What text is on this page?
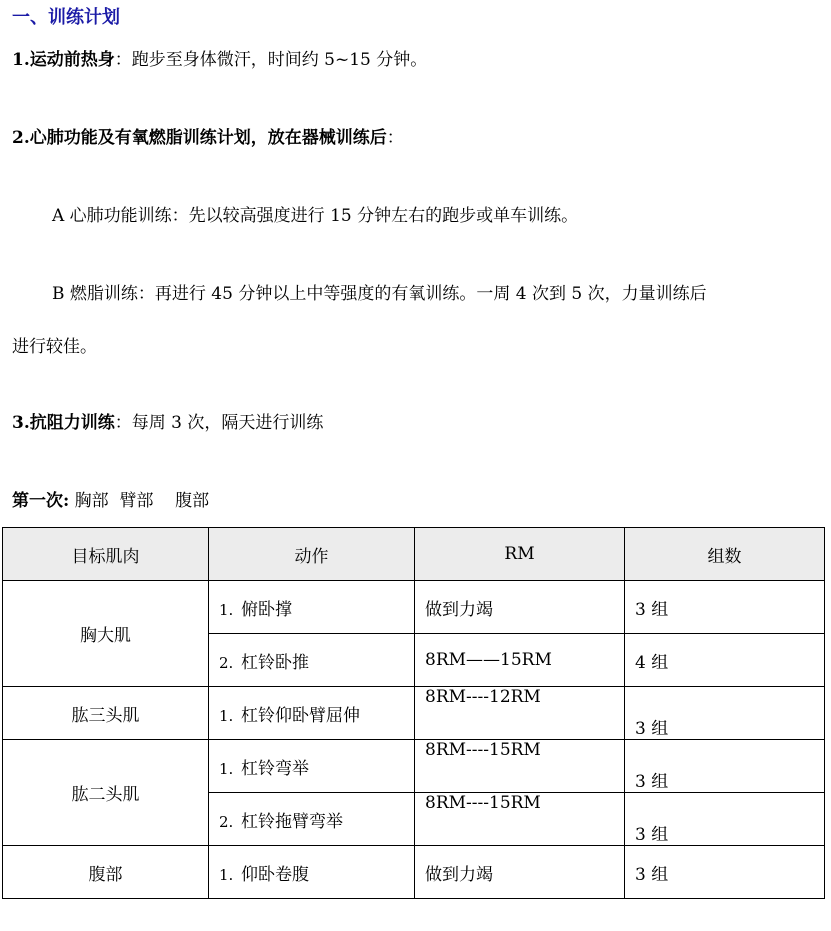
一、训练计划
1.运动前热身：跑步至身体微汗，时间约 5~15 分钟。
2.心肺功能及有氧燃脂训练计划，放在器械训练后：
A 心肺功能训练：先以较高强度进行 15 分钟左右的跑步或单车训练。
B 燃脂训练：再进行 45 分钟以上中等强度的有氧训练。一周 4 次到 5 次，力量训练后
进行较佳。
3.抗阻力训练：每周 3 次，隔天进行训练
第一次: 胸部  臂部    腹部
目标肌肉	动作	RM	组数
胸大肌	1. 俯卧撑	做到力竭	3 组
	2. 杠铃卧推	8RM——15RM	4 组
肱三头肌	1. 杠铃仰卧臂屈伸	8RM----12RM	3 组
肱二头肌	1. 杠铃弯举	8RM----15RM	3 组
	2. 杠铃拖臂弯举	8RM----15RM	3 组
腹部	1. 仰卧卷腹	做到力竭	3 组
